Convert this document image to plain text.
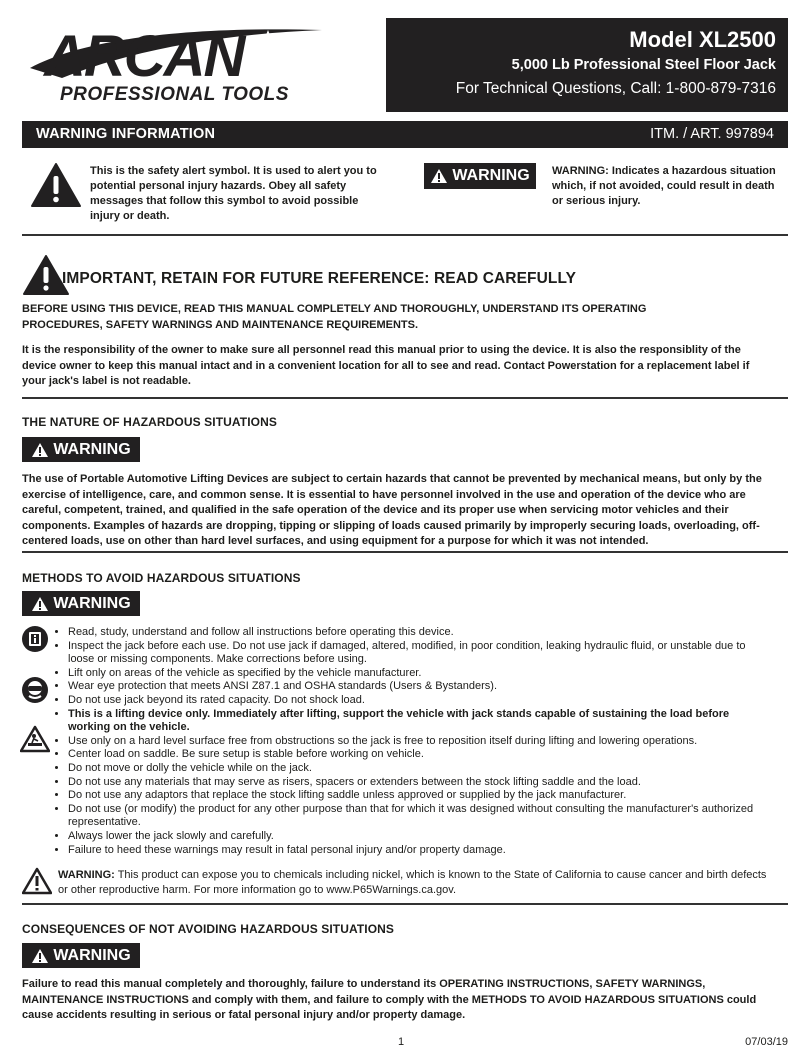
ARCAN
PROFESSIONAL TOOLS
Model XL2500
5,000 Lb Professional Steel Floor Jack
For Technical Questions, Call: 1-800-879-7316
WARNING INFORMATION	ITM. / ART. 997894
This is the safety alert symbol. It is used to alert you to potential personal injury hazards. Obey all safety messages that follow this symbol to avoid possible injury or death.
WARNING WARNING: Indicates a hazardous situation which, if not avoided, could result in death or serious injury.
IMPORTANT, RETAIN FOR FUTURE REFERENCE: READ CAREFULLY
BEFORE USING THIS DEVICE, READ THIS MANUAL COMPLETELY AND THOROUGHLY, UNDERSTAND ITS OPERATING PROCEDURES, SAFETY WARNINGS AND MAINTENANCE REQUIREMENTS.
It is the responsibility of the owner to make sure all personnel read this manual prior to using the device. It is also the responsiblity of the device owner to keep this manual intact and in a convenient location for all to see and read. Contact Powerstation for a replacement label if your jack's label is not readable.
THE NATURE OF HAZARDOUS SITUATIONS
WARNING
The use of Portable Automotive Lifting Devices are subject to certain hazards that cannot be prevented by mechanical means, but only by the exercise of intelligence, care, and common sense. It is essential to have personnel involved in the use and operation of the device who are careful, competent, trained, and qualified in the safe operation of the device and its proper use when servicing motor vehicles and their components. Examples of hazards are dropping, tipping or slipping of loads caused primarily by improperly securing loads, overloading, off-centered loads, use on other than hard level surfaces, and using equipment for a purpose for which it was not intended.
METHODS TO AVOID HAZARDOUS SITUATIONS
WARNING
• Read, study, understand and follow all instructions before operating this device.
• Inspect the jack before each use. Do not use jack if damaged, altered, modified, in poor condition, leaking hydraulic fluid, or unstable due to loose or missing components. Make corrections before using.
• Lift only on areas of the vehicle as specified by the vehicle manufacturer.
• Wear eye protection that meets ANSI Z87.1 and OSHA standards (Users & Bystanders).
• Do not use jack beyond its rated capacity. Do not shock load.
• This is a lifting device only. Immediately after lifting, support the vehicle with jack stands capable of sustaining the load before working on the vehicle.
• Use only on a hard level surface free from obstructions so the jack is free to reposition itself during lifting and lowering operations.
• Center load on saddle. Be sure setup is stable before working on vehicle.
• Do not move or dolly the vehicle while on the jack.
• Do not use any materials that may serve as risers, spacers or extenders between the stock lifting saddle and the load.
• Do not use any adaptors that replace the stock lifting saddle unless approved or supplied by the jack manufacturer.
• Do not use (or modify) the product for any other purpose than that for which it was designed without consulting the manufacturer's authorized representative.
• Always lower the jack slowly and carefully.
• Failure to heed these warnings may result in fatal personal injury and/or property damage.
WARNING: This product can expose you to chemicals including nickel, which is known to the State of California to cause cancer and birth defects or other reproductive harm. For more information go to www.P65Warnings.ca.gov.
CONSEQUENCES OF NOT AVOIDING HAZARDOUS SITUATIONS
WARNING
Failure to read this manual completely and thoroughly, failure to understand its OPERATING INSTRUCTIONS, SAFETY WARNINGS, MAINTENANCE INSTRUCTIONS and comply with them, and failure to comply with the METHODS TO AVOID HAZARDOUS SITUATIONS could cause accidents resulting in serious or fatal personal injury and/or property damage.
1	07/03/19
